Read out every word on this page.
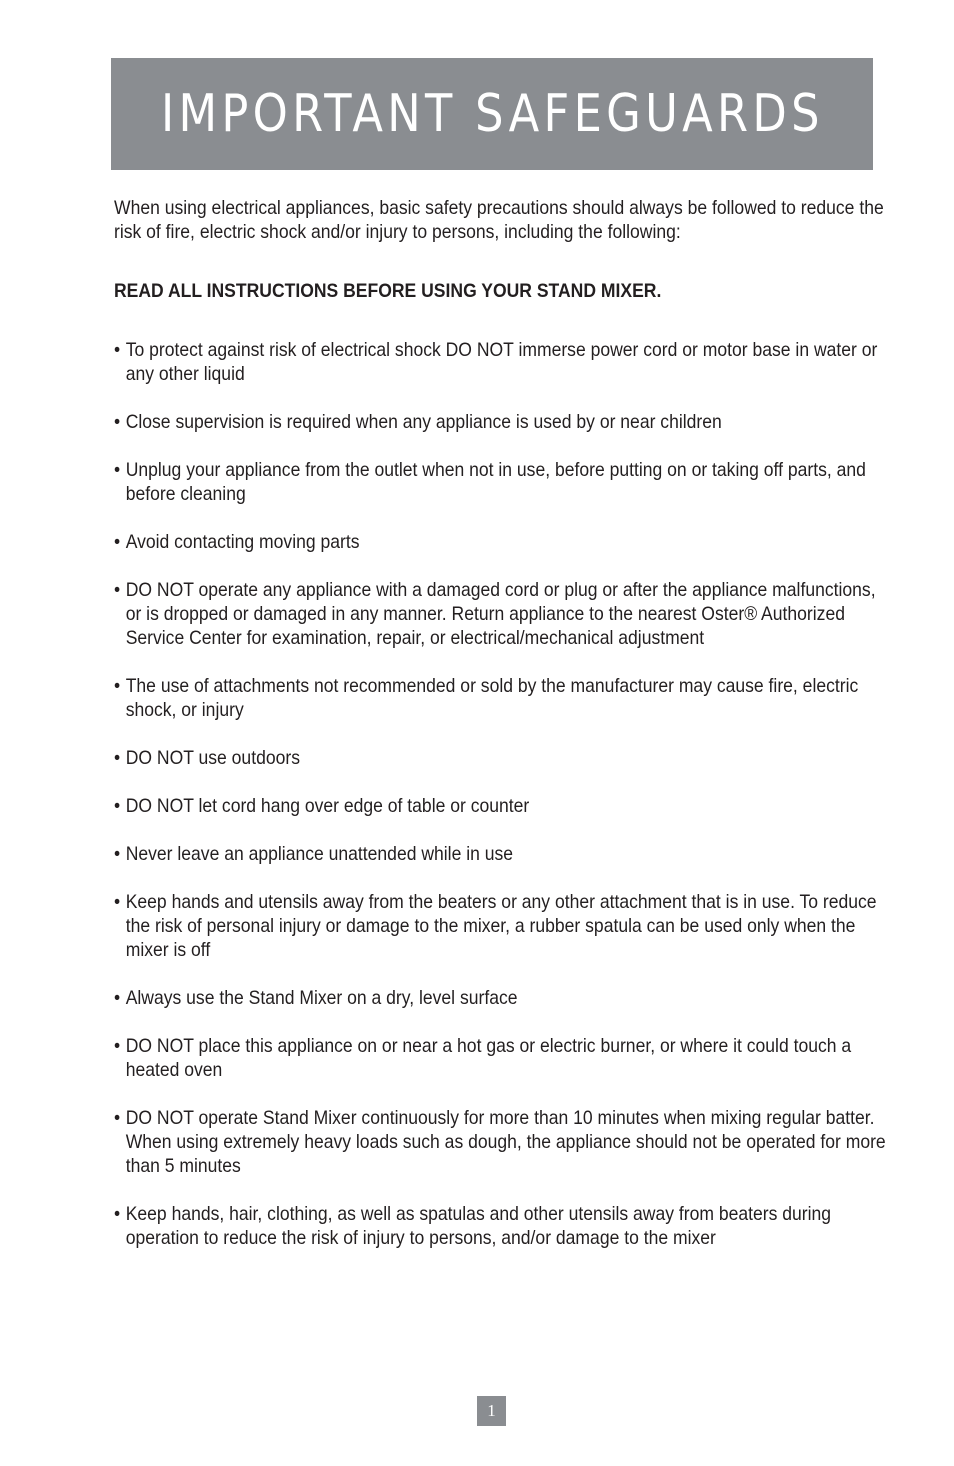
IMPORTANT SAFEGUARDS

When using electrical appliances, basic safety precautions should always be followed to reduce the risk of fire, electric shock and/or injury to persons, including the following:

READ ALL INSTRUCTIONS BEFORE USING YOUR STAND MIXER.

• To protect against risk of electrical shock DO NOT immerse power cord or motor base in water or any other liquid
• Close supervision is required when any appliance is used by or near children
• Unplug your appliance from the outlet when not in use, before putting on or taking off parts, and before cleaning
• Avoid contacting moving parts
• DO NOT operate any appliance with a damaged cord or plug or after the appliance malfunctions, or is dropped or damaged in any manner. Return appliance to the nearest Oster® Authorized Service Center for examination, repair, or electrical/mechanical adjustment
• The use of attachments not recommended or sold by the manufacturer may cause fire, electric shock, or injury
• DO NOT use outdoors
• DO NOT let cord hang over edge of table or counter
• Never leave an appliance unattended while in use
• Keep hands and utensils away from the beaters or any other attachment that is in use. To reduce the risk of personal injury or damage to the mixer, a rubber spatula can be used only when the mixer is off
• Always use the Stand Mixer on a dry, level surface
• DO NOT place this appliance on or near a hot gas or electric burner, or where it could touch a heated oven
• DO NOT operate Stand Mixer continuously for more than 10 minutes when mixing regular batter. When using extremely heavy loads such as dough, the appliance should not be operated for more than 5 minutes
• Keep hands, hair, clothing, as well as spatulas and other utensils away from beaters during operation to reduce the risk of injury to persons, and/or damage to the mixer
1
